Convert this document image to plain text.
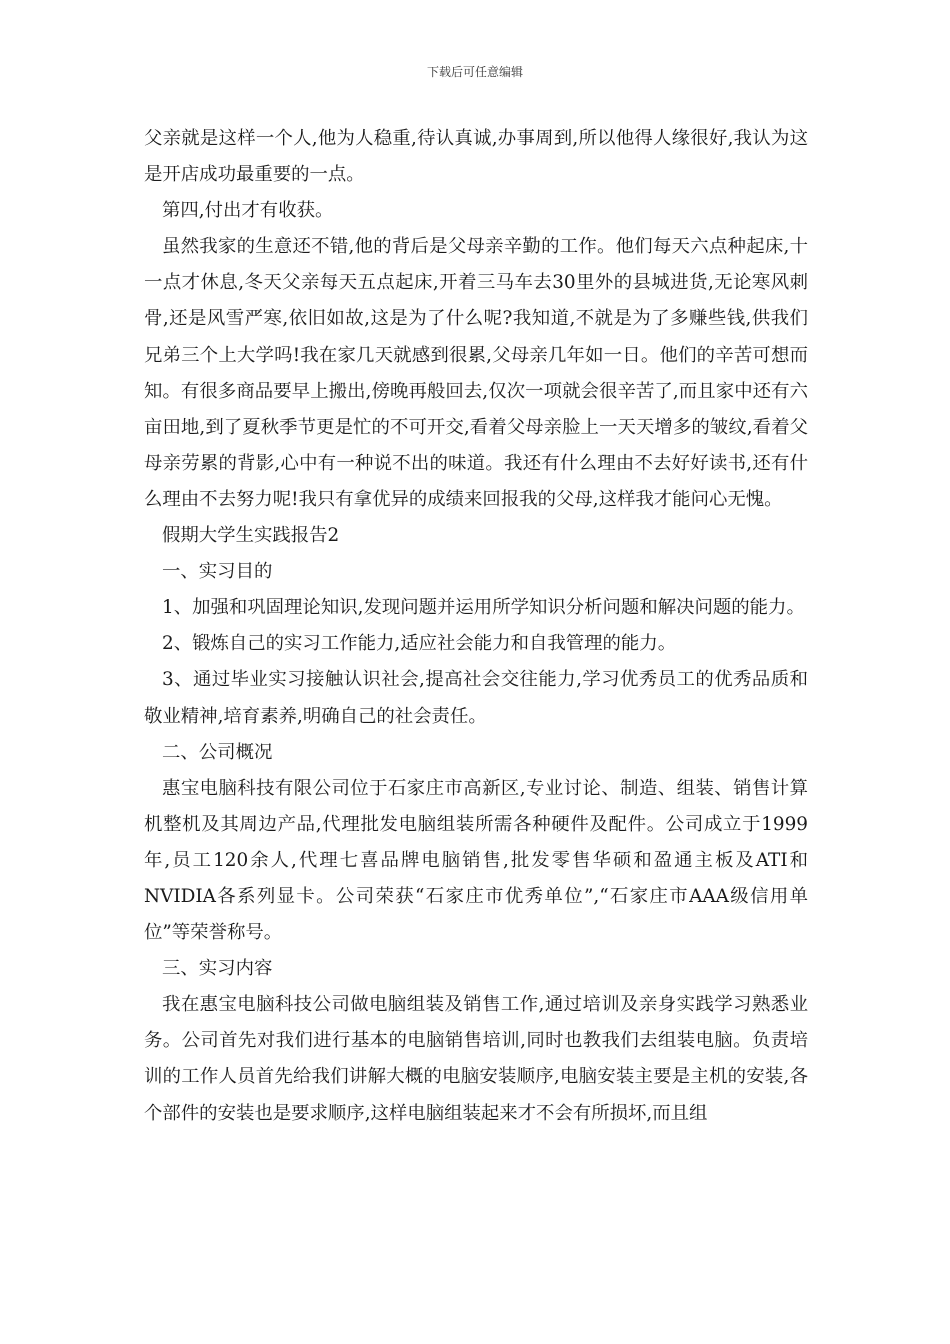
下载后可任意编辑

父亲就是这样一个人,他为人稳重,待认真诚,办事周到,所以他得人缘很好,我认为这是开店成功最重要的一点。

第四,付出才有收获。

虽然我家的生意还不错,他的背后是父母亲辛勤的工作。他们每天六点种起床,十一点才休息,冬天父亲每天五点起床,开着三马车去30里外的县城进货,无论寒风刺骨,还是风雪严寒,依旧如故,这是为了什么呢?我知道,不就是为了多赚些钱,供我们兄弟三个上大学吗!我在家几天就感到很累,父母亲几年如一日。他们的辛苦可想而知。有很多商品要早上搬出,傍晚再般回去,仅次一项就会很辛苦了,而且家中还有六亩田地,到了夏秋季节更是忙的不可开交,看着父母亲脸上一天天增多的皱纹,看着父母亲劳累的背影,心中有一种说不出的味道。我还有什么理由不去好好读书,还有什么理由不去努力呢!我只有拿优异的成绩来回报我的父母,这样我才能问心无愧。

假期大学生实践报告2

一、实习目的

1、加强和巩固理论知识,发现问题并运用所学知识分析问题和解决问题的能力。

2、锻炼自己的实习工作能力,适应社会能力和自我管理的能力。

3、通过毕业实习接触认识社会,提高社会交往能力,学习优秀员工的优秀品质和敬业精神,培育素养,明确自己的社会责任。

二、公司概况

惠宝电脑科技有限公司位于石家庄市高新区,专业讨论、制造、组装、销售计算机整机及其周边产品,代理批发电脑组装所需各种硬件及配件。公司成立于1999年,员工120余人,代理七喜品牌电脑销售,批发零售华硕和盈通主板及ATI和NVIDIA各系列显卡。公司荣获“石家庄市优秀单位”,“石家庄市AAA级信用单位”等荣誉称号。

三、实习内容

我在惠宝电脑科技公司做电脑组装及销售工作,通过培训及亲身实践学习熟悉业务。公司首先对我们进行基本的电脑销售培训,同时也教我们去组装电脑。负责培训的工作人员首先给我们讲解大概的电脑安装顺序,电脑安装主要是主机的安装,各个部件的安装也是要求顺序,这样电脑组装起来才不会有所损坏,而且组
